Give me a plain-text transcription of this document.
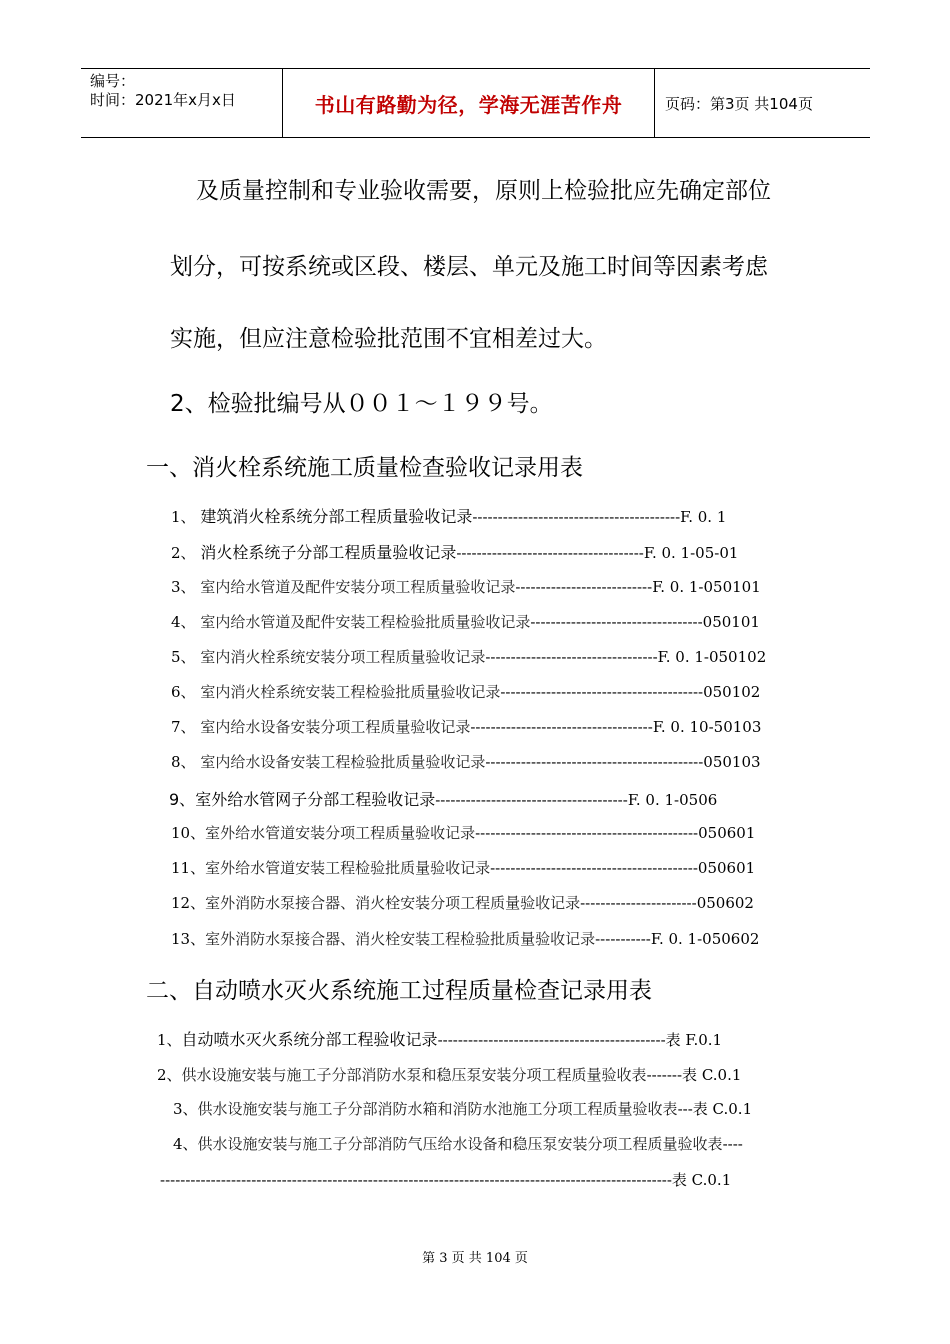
编号：
时间：2021年x月x日	书山有路勤为径，学海无涯苦作舟	页码：第3页 共104页
及质量控制和专业验收需要，原则上检验批应先确定部位
划分，可按系统或区段、楼层、单元及施工时间等因素考虑
实施，但应注意检验批范围不宜相差过大。
2、检验批编号从００１～１９９号。
一、消火栓系统施工质量检查验收记录用表
1、 建筑消火栓系统分部工程质量验收记录-----------------------------------------F. 0. 1
2、 消火栓系统子分部工程质量验收记录-------------------------------------F. 0. 1-05-01
3、 室内给水管道及配件安装分项工程质量验收记录---------------------------F. 0. 1-050101
4、 室内给水管道及配件安装工程检验批质量验收记录----------------------------------050101
5、 室内消火栓系统安装分项工程质量验收记录----------------------------------F. 0. 1-050102
6、 室内消火栓系统安装工程检验批质量验收记录----------------------------------------050102
7、 室内给水设备安装分项工程质量验收记录------------------------------------F. 0. 10-50103
8、 室内给水设备安装工程检验批质量验收记录-------------------------------------------050103
9、室外给水管网子分部工程验收记录--------------------------------------F. 0. 1-0506
10、室外给水管道安装分项工程质量验收记录--------------------------------------------050601
11、室外给水管道安装工程检验批质量验收记录-----------------------------------------050601
12、室外消防水泵接合器、消火栓安装分项工程质量验收记录-----------------------050602
13、室外消防水泵接合器、消火栓安装工程检验批质量验收记录-----------F. 0. 1-050602
二、自动喷水灭火系统施工过程质量检查记录用表
1、自动喷水灭火系统分部工程验收记录---------------------------------------------表 F.0.1
2、供水设施安装与施工子分部消防水泵和稳压泵安装分项工程质量验收表-------表 C.0.1
3、供水设施安装与施工子分部消防水箱和消防水池施工分项工程质量验收表---表 C.0.1
4、供水设施安装与施工子分部消防气压给水设备和稳压泵安装分项工程质量验收表----
-----------------------------------------------------------------------------------------------------表 C.0.1
第 3 页 共 104 页
